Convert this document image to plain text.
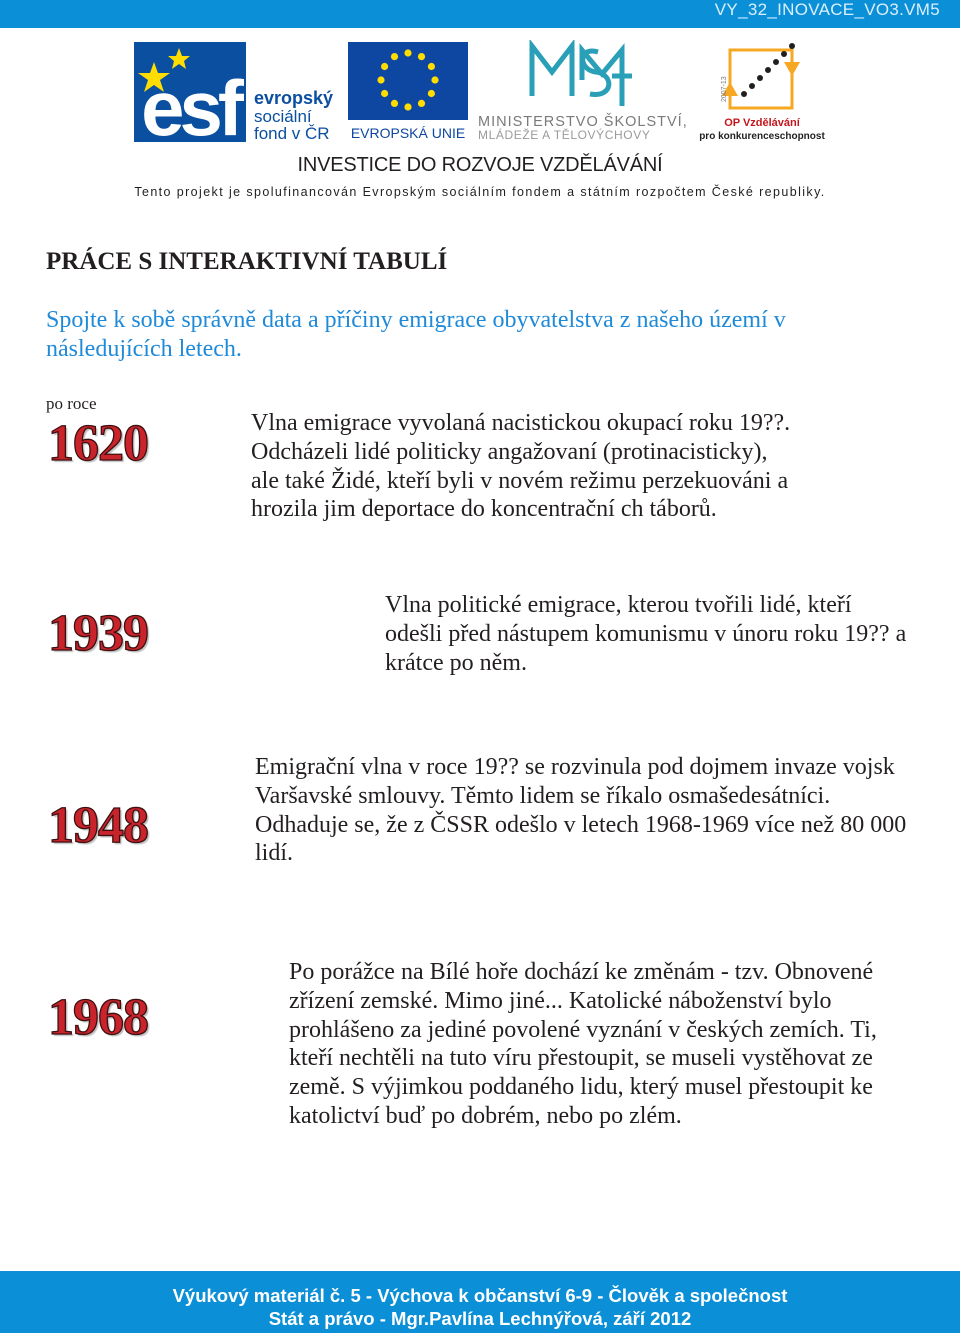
VY_32_INOVACE_VO3.VM5
esf evropský
sociální
fond v ČR EVROPSKÁ UNIE
MINISTERSTVO ŠKOLSTVÍ,
MLÁDEŽE A TĚLOVÝCHOVY
2007-13
OP Vzdělávání
pro konkurenceschopnost
INVESTICE DO ROZVOJE VZDĚLÁVÁNÍ
Tento projekt je spolufinancován Evropským sociálním fondem a státním rozpočtem České republiky.
PRÁCE S INTERAKTIVNÍ TABULÍ

Spojte k sobě správně data a příčiny emigrace obyvatelstva z našeho území v následujících letech.

po roce
1620
1939
1948
1968

Vlna emigrace vyvolaná nacistickou okupací roku 19??. Odcházeli lidé politicky angažovaní (protinacisticky), ale také Židé, kteří byli v novém režimu perzekuováni a hrozila jim deportace do koncentrační ch táborů.

Vlna politické emigrace, kterou tvořili lidé, kteří odešli před nástupem komunismu v únoru roku 19?? a krátce po něm.

Emigrační vlna v roce 19?? se rozvinula pod dojmem invaze vojsk Varšavské smlouvy. Těmto lidem se říkalo osmašedesátníci. Odhaduje se, že z ČSSR odešlo v letech 1968-1969 více než 80 000 lidí.

Po porážce na Bílé hoře dochází ke změnám - tzv. Obnovené zřízení zemské. Mimo jiné... Katolické náboženství bylo prohlášeno za jediné povolené vyznání v českých zemích. Ti, kteří nechtěli na tuto víru přestoupit, se museli vystěhovat ze země. S výjimkou poddaného lidu, který musel přestoupit ke katolictví buď po dobrém, nebo po zlém.

Výukový materiál č. 5 - Výchova k občanství 6-9 - Člověk a společnost
Stát a právo - Mgr.Pavlína Lechnýřová, září 2012
